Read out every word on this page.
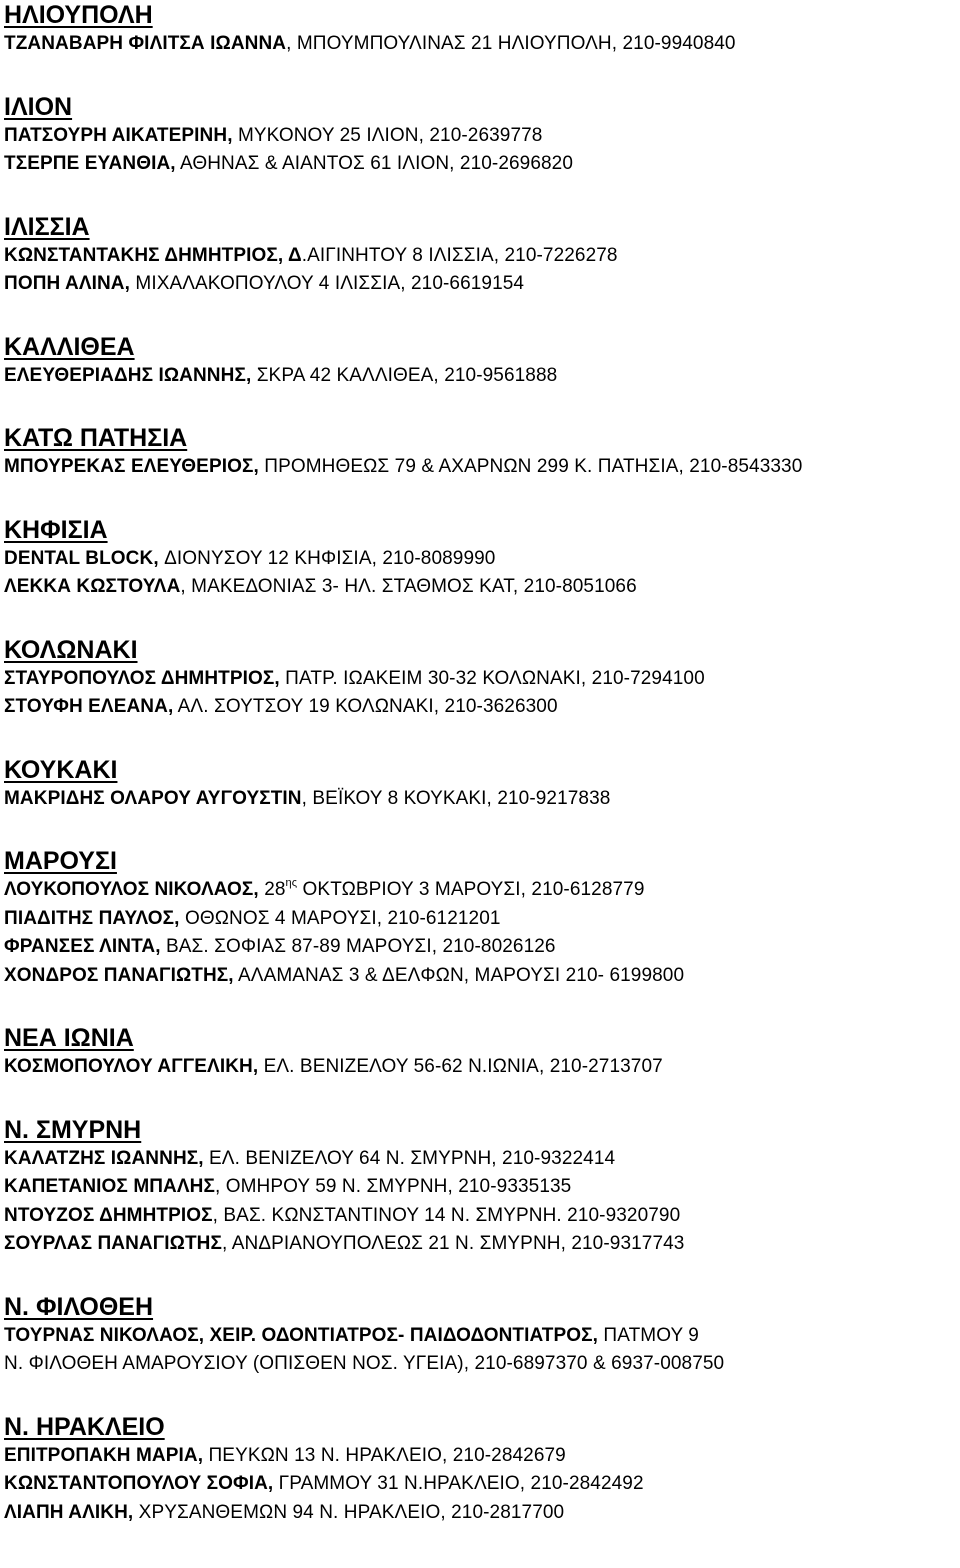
ΗΛΙΟΥΠΟΛΗ
ΤΖΑΝΑΒΑΡΗ ΦΙΛΙΤΣΑ ΙΩΑΝΝΑ, ΜΠΟΥΜΠΟΥΛΙΝΑΣ 21 ΗΛΙΟΥΠΟΛΗ, 210-9940840
ΙΛΙΟΝ
ΠΑΤΣΟΥΡΗ ΑΙΚΑΤΕΡΙΝΗ, ΜΥΚΟΝΟΥ 25 ΙΛΙΟΝ, 210-2639778
ΤΣΕΡΠΕ ΕΥΑΝΘΙΑ, ΑΘΗΝΑΣ & ΑΙΑΝΤΟΣ 61 ΙΛΙΟΝ, 210-2696820
ΙΛΙΣΣΙΑ
ΚΩΝΣΤΑΝΤΑΚΗΣ ΔΗΜΗΤΡΙΟΣ, Δ.ΑΙΓΙΝΗΤΟΥ 8 ΙΛΙΣΣΙΑ, 210-7226278
ΠΟΠΗ ΑΛΙΝΑ, ΜΙΧΑΛΑΚΟΠΟΥΛΟΥ 4 ΙΛΙΣΣΙΑ, 210-6619154
ΚΑΛΛΙΘΕΑ
ΕΛΕΥΘΕΡΙΑΔΗΣ ΙΩΑΝΝΗΣ, ΣΚΡΑ 42 ΚΑΛΛΙΘΕΑ, 210-9561888
ΚΑΤΩ ΠΑΤΗΣΙΑ
ΜΠΟΥΡΕΚΑΣ ΕΛΕΥΘΕΡΙΟΣ, ΠΡΟΜΗΘΕΩΣ 79 & ΑΧΑΡΝΩΝ 299 Κ. ΠΑΤΗΣΙΑ, 210-8543330
ΚΗΦΙΣΙΑ
DENTAL BLOCK, ΔΙΟΝΥΣΟΥ 12 ΚΗΦΙΣΙΑ, 210-8089990
ΛΕΚΚΑ ΚΩΣΤΟΥΛΑ, ΜΑΚΕΔΟΝΙΑΣ 3- ΗΛ. ΣΤΑΘΜΟΣ ΚΑΤ, 210-8051066
ΚΟΛΩΝΑΚΙ
ΣΤΑΥΡΟΠΟΥΛΟΣ ΔΗΜΗΤΡΙΟΣ, ΠΑΤΡ. ΙΩΑΚΕΙΜ 30-32 ΚΟΛΩΝΑΚΙ, 210-7294100
ΣΤΟΥΦΗ ΕΛΕΑΝΑ, ΑΛ. ΣΟΥΤΣΟΥ 19 ΚΟΛΩΝΑΚΙ, 210-3626300
ΚΟΥΚΑΚΙ
ΜΑΚΡΙΔΗΣ ΟΛΑΡΟΥ ΑΥΓΟΥΣΤΙΝ, ΒΕΪΚΟΥ 8 ΚΟΥΚΑΚΙ, 210-9217838
ΜΑΡΟΥΣΙ
ΛΟΥΚΟΠΟΥΛΟΣ ΝΙΚΟΛΑΟΣ, $28^{\eta\varsigma}$ ΟΚΤΩΒΡΙΟΥ 3 ΜΑΡΟΥΣΙ, 210-6128779
ΠΙΑΔΙΤΗΣ ΠΑΥΛΟΣ, ΟΘΩΝΟΣ 4 ΜΑΡΟΥΣΙ, 210-6121201
ΦΡΑΝΣΕΣ ΛΙΝΤΑ, ΒΑΣ. ΣΟΦΙΑΣ 87-89 ΜΑΡΟΥΣΙ, 210-8026126
ΧΟΝΔΡΟΣ ΠΑΝΑΓΙΩΤΗΣ, ΑΛΑΜΑΝΑΣ 3 & ΔΕΛΦΩΝ, ΜΑΡΟΥΣΙ 210- 6199800
ΝΕΑ ΙΩΝΙΑ
ΚΟΣΜΟΠΟΥΛΟΥ ΑΓΓΕΛΙΚΗ, ΕΛ. ΒΕΝΙΖΕΛΟΥ 56-62 Ν.ΙΩΝΙΑ, 210-2713707
Ν. ΣΜΥΡΝΗ
ΚΑΛΑΤΖΗΣ ΙΩΑΝΝΗΣ, ΕΛ. ΒΕΝΙΖΕΛΟΥ 64 Ν. ΣΜΥΡΝΗ, 210-9322414
ΚΑΠΕΤΑΝΙΟΣ ΜΠΑΛΗΣ, ΟΜΗΡΟΥ 59 Ν. ΣΜΥΡΝΗ, 210-9335135
ΝΤΟΥΖΟΣ ΔΗΜΗΤΡΙΟΣ, ΒΑΣ. ΚΩΝΣΤΑΝΤΙΝΟΥ 14 Ν. ΣΜΥΡΝΗ. 210-9320790
ΣΟΥΡΛΑΣ ΠΑΝΑΓΙΩΤΗΣ, ΑΝΔΡΙΑΝΟΥΠΟΛΕΩΣ 21 Ν. ΣΜΥΡΝΗ, 210-9317743
Ν. ΦΙΛΟΘΕΗ
ΤΟΥΡΝΑΣ ΝΙΚΟΛΑΟΣ, ΧΕΙΡ. ΟΔΟΝΤΙΑΤΡΟΣ- ΠΑΙΔΟΔΟΝΤΙΑΤΡΟΣ, ΠΑΤΜΟΥ 9
Ν. ΦΙΛΟΘΕΗ ΑΜΑΡΟΥΣΙΟΥ (ΟΠΙΣΘΕΝ ΝΟΣ. ΥΓΕΙΑ), 210-6897370 & 6937-008750
Ν. ΗΡΑΚΛΕΙΟ
ΕΠΙΤΡΟΠΑΚΗ ΜΑΡΙΑ, ΠΕΥΚΩΝ 13 Ν. ΗΡΑΚΛΕΙΟ, 210-2842679
ΚΩΝΣΤΑΝΤΟΠΟΥΛΟΥ ΣΟΦΙΑ, ΓΡΑΜΜΟΥ 31 Ν.ΗΡΑΚΛΕΙΟ, 210-2842492
ΛΙΑΠΗ ΑΛΙΚΗ, ΧΡΥΣΑΝΘΕΜΩΝ 94 Ν. ΗΡΑΚΛΕΙΟ, 210-2817700
